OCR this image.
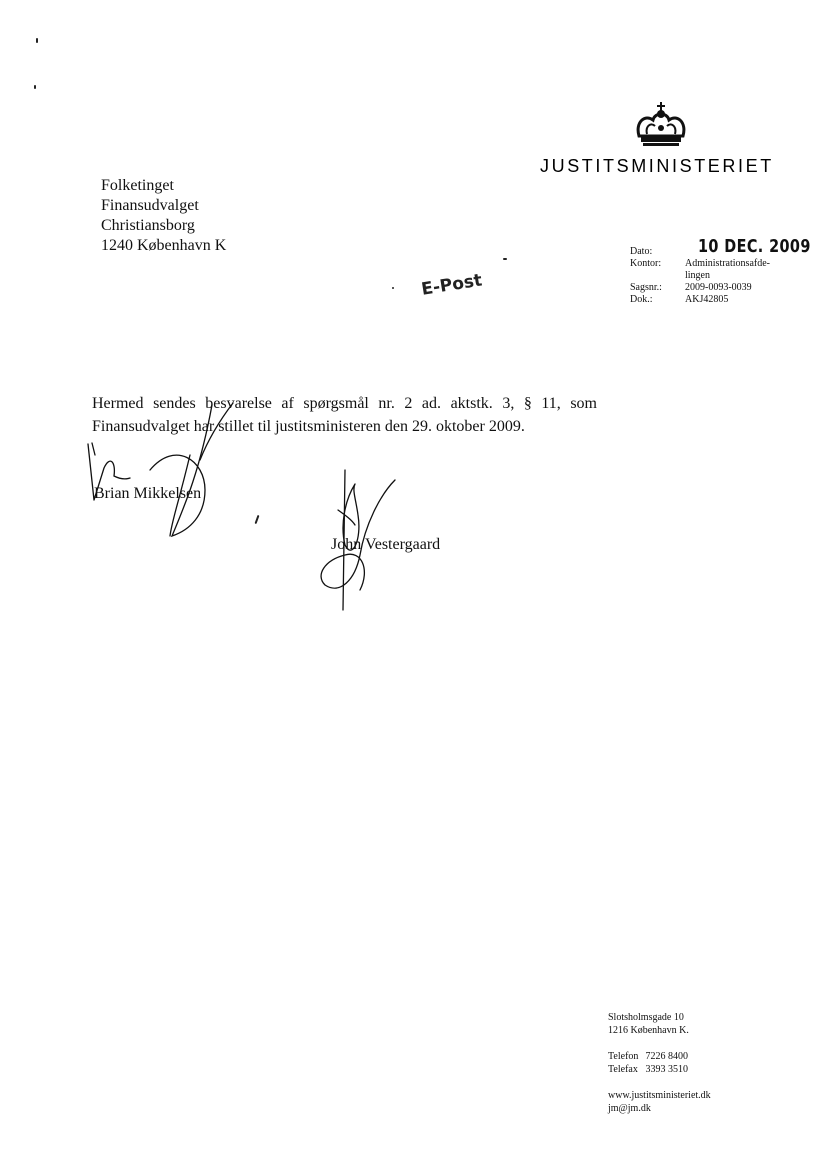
JUSTITSMINISTERIET
Folketinget
Finansudvalget
Christiansborg
1240 København K
E-Post
Dato:	10 DEC. 2009
Kontor: Administrationsafde-
lingen
Sagsnr.: 2009-0093-0039
Dok.:	AKJ42805
Hermed sendes besvarelse af spørgsmål nr. 2 ad. aktstk. 3, § 11, som Finansudvalget har stillet til justitsministeren den 29. oktober 2009.
Brian Mikkelsen
John Vestergaard
Slotsholmsgade 10
1216 København K.
Telefon 7226 8400
Telefax 3393 3510
www.justitsministeriet.dk
jm@jm.dk
